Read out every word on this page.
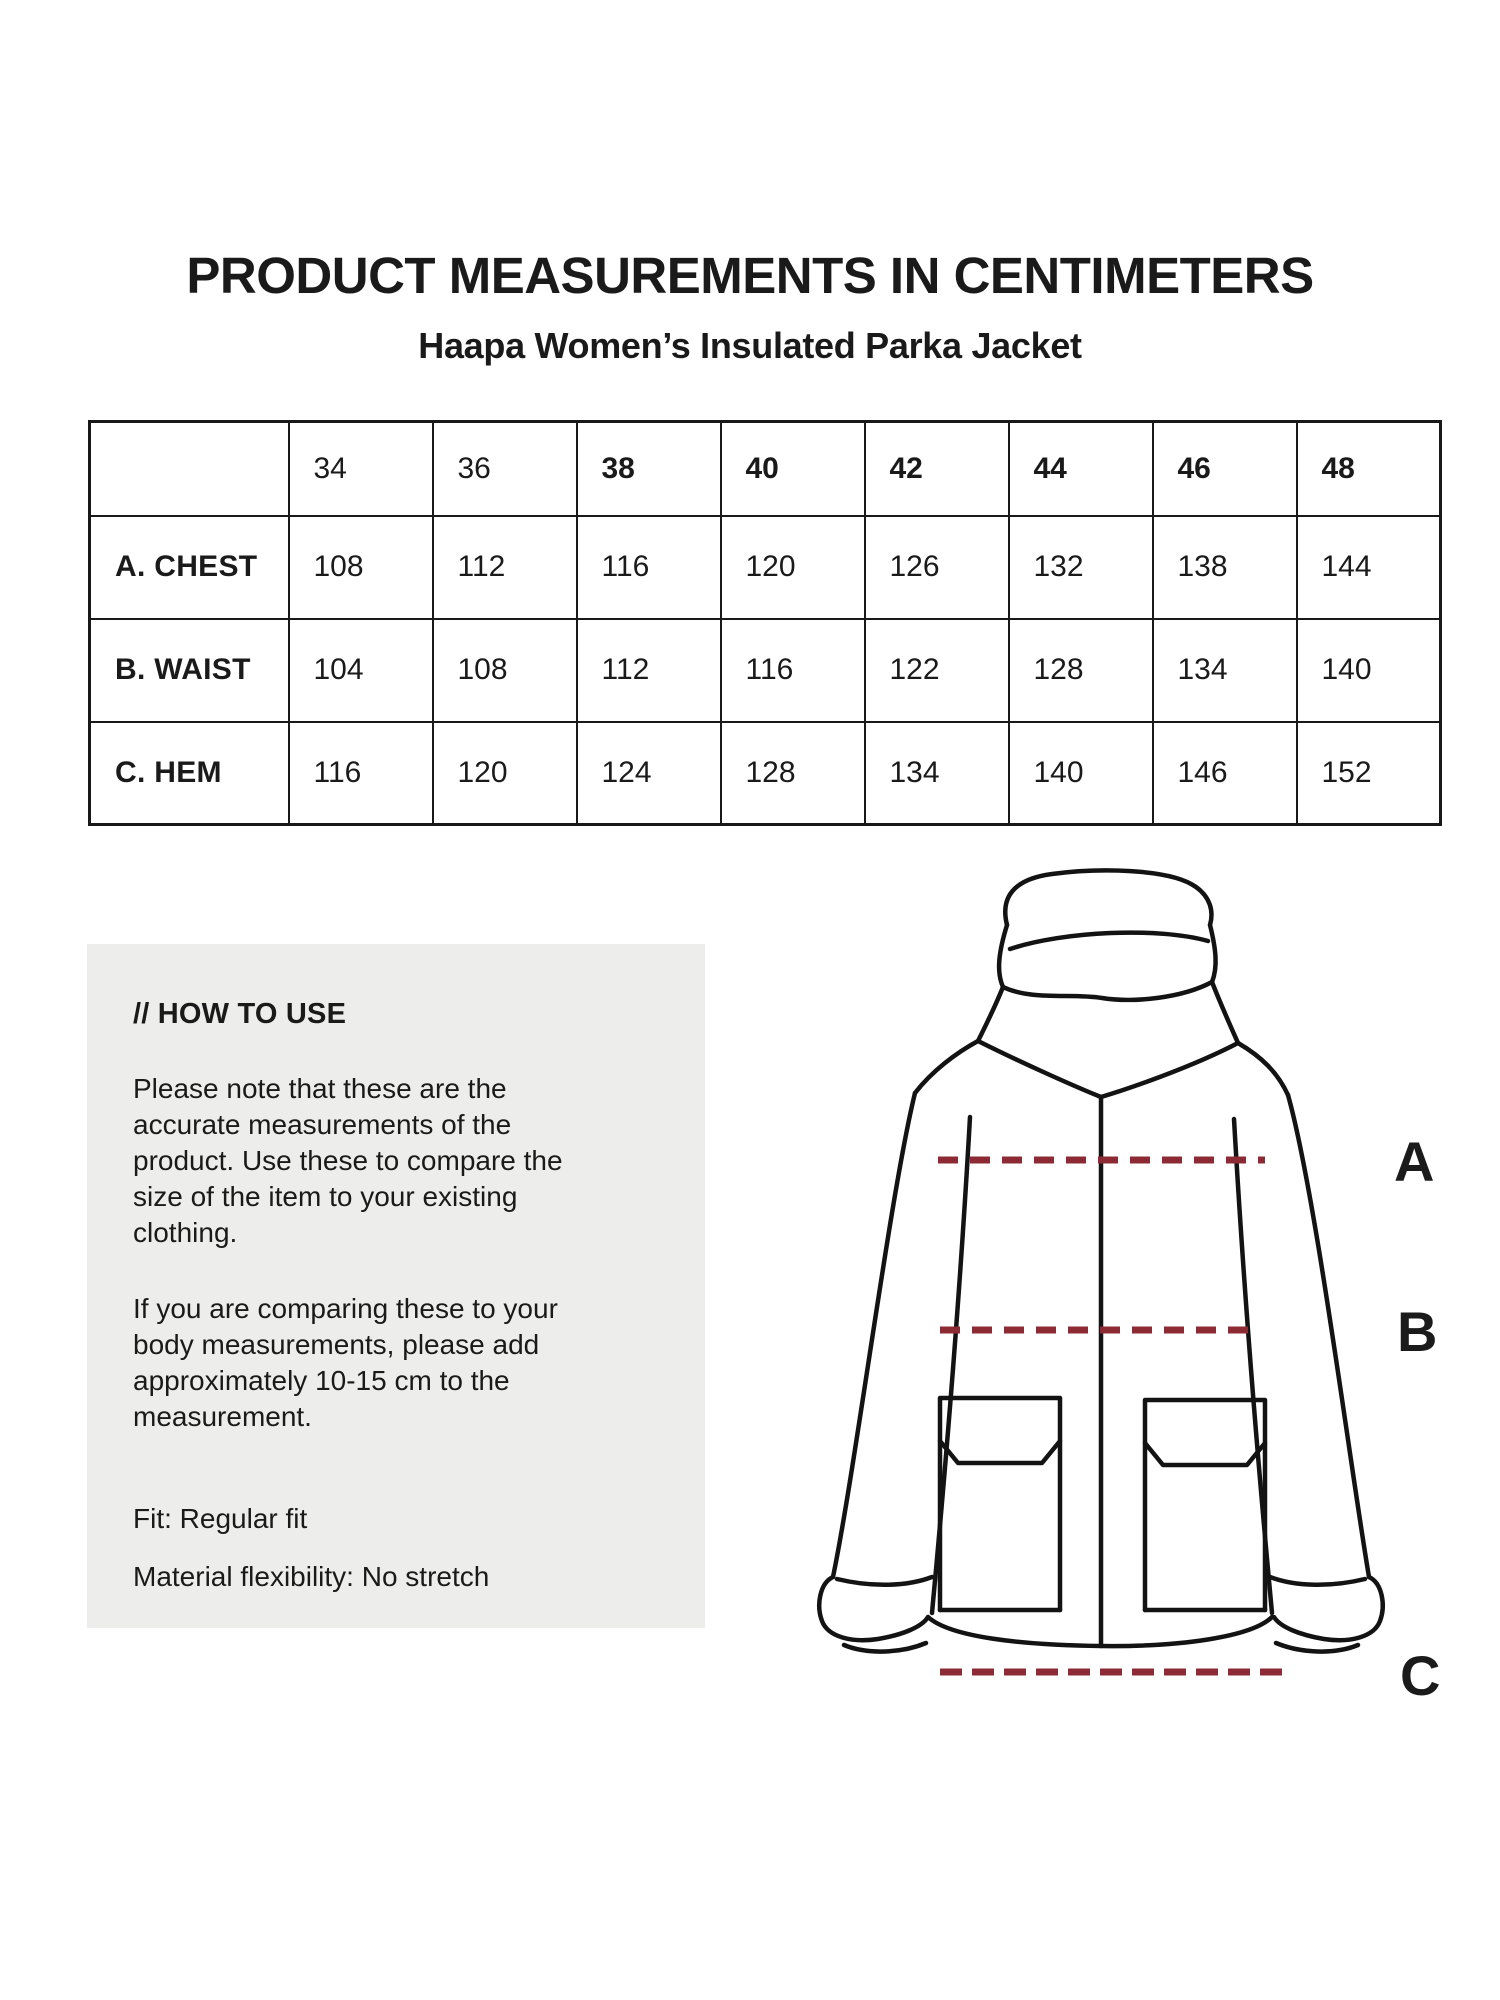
PRODUCT MEASUREMENTS IN CENTIMETERS
Haapa Women’s Insulated Parka Jacket
	34	36	38	40	42	44	46	48
A. CHEST	108	112	116	120	126	132	138	144
B. WAIST	104	108	112	116	122	128	134	140
C. HEM	116	120	124	128	134	140	146	152
// HOW TO USE

Please note that these are the accurate measurements of the product. Use these to compare the size of the item to your existing clothing.

If you are comparing these to your body measurements, please add approximately 10-15 cm to the measurement.

Fit: Regular fit

Material flexibility: No stretch

A
B
C
